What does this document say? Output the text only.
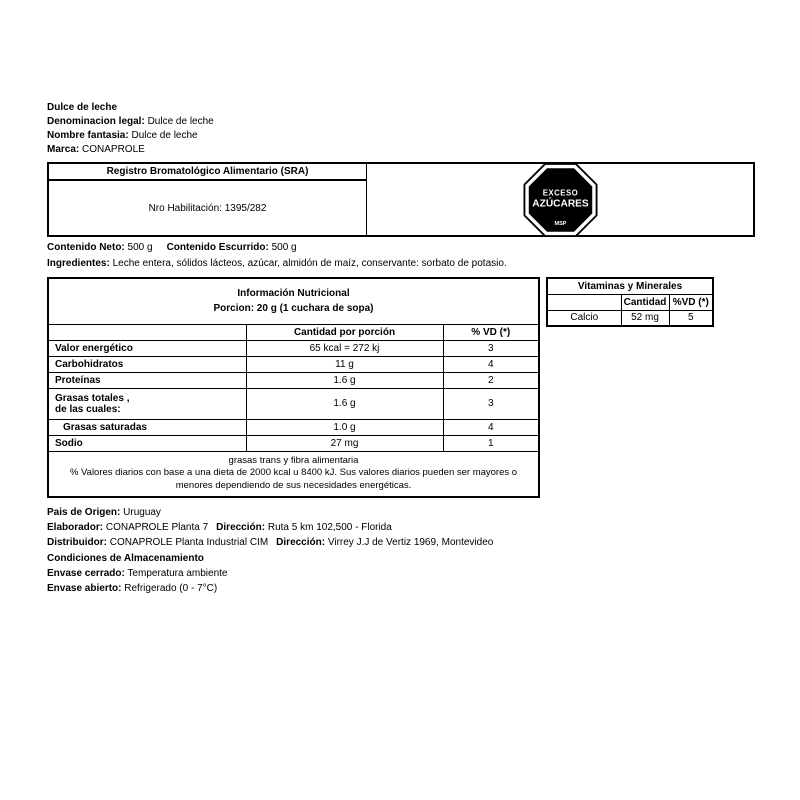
Dulce de leche
Denominacion legal: Dulce de leche
Nombre fantasia: Dulce de leche
Marca: CONAPROLE
Registro Bromatológico Alimentario (SRA)
Nro Habilitación: 1395/282
EXCESO
AZÚCARES
MSP
Contenido Neto: 500 g Contenido Escurrido: 500 g
Ingredientes: Leche entera, sólidos lácteos, azúcar, almidón de maíz, conservante: sorbato de potasio.
Información Nutricional
Porcion: 20 g (1 cuchara de sopa)		

	Cantidad por porción	% VD (*)
Valor energético	65 kcal = 272 kj	3
Carbohidratos	11 g	4
Proteínas	1.6 g	2

Grasas totales ,
de las cuales:	1.6 g	3
Grasas saturadas	1.0 g	4
Sodio	27 mg	1

grasas trans y fibra alimentaria
% Valores diarios con base a una dieta de 2000 kcal u 8400 kJ. Sus valores diarios pueden ser mayores o menores dependiendo de sus necesidades energéticas.		
Vitaminas y Minerales		
	Cantidad	%VD (*)
Calcio	52 mg	5
Pais de Origen: Uruguay
Elaborador: CONAPROLE Planta 7 Dirección: Ruta 5 km 102,500 - Florida
Distribuidor: CONAPROLE Planta Industrial CIM Dirección: Virrey J.J de Vertiz 1969, Montevideo
Condiciones de Almacenamiento
Envase cerrado: Temperatura ambiente
Envase abierto: Refrigerado (0 - 7°C)
